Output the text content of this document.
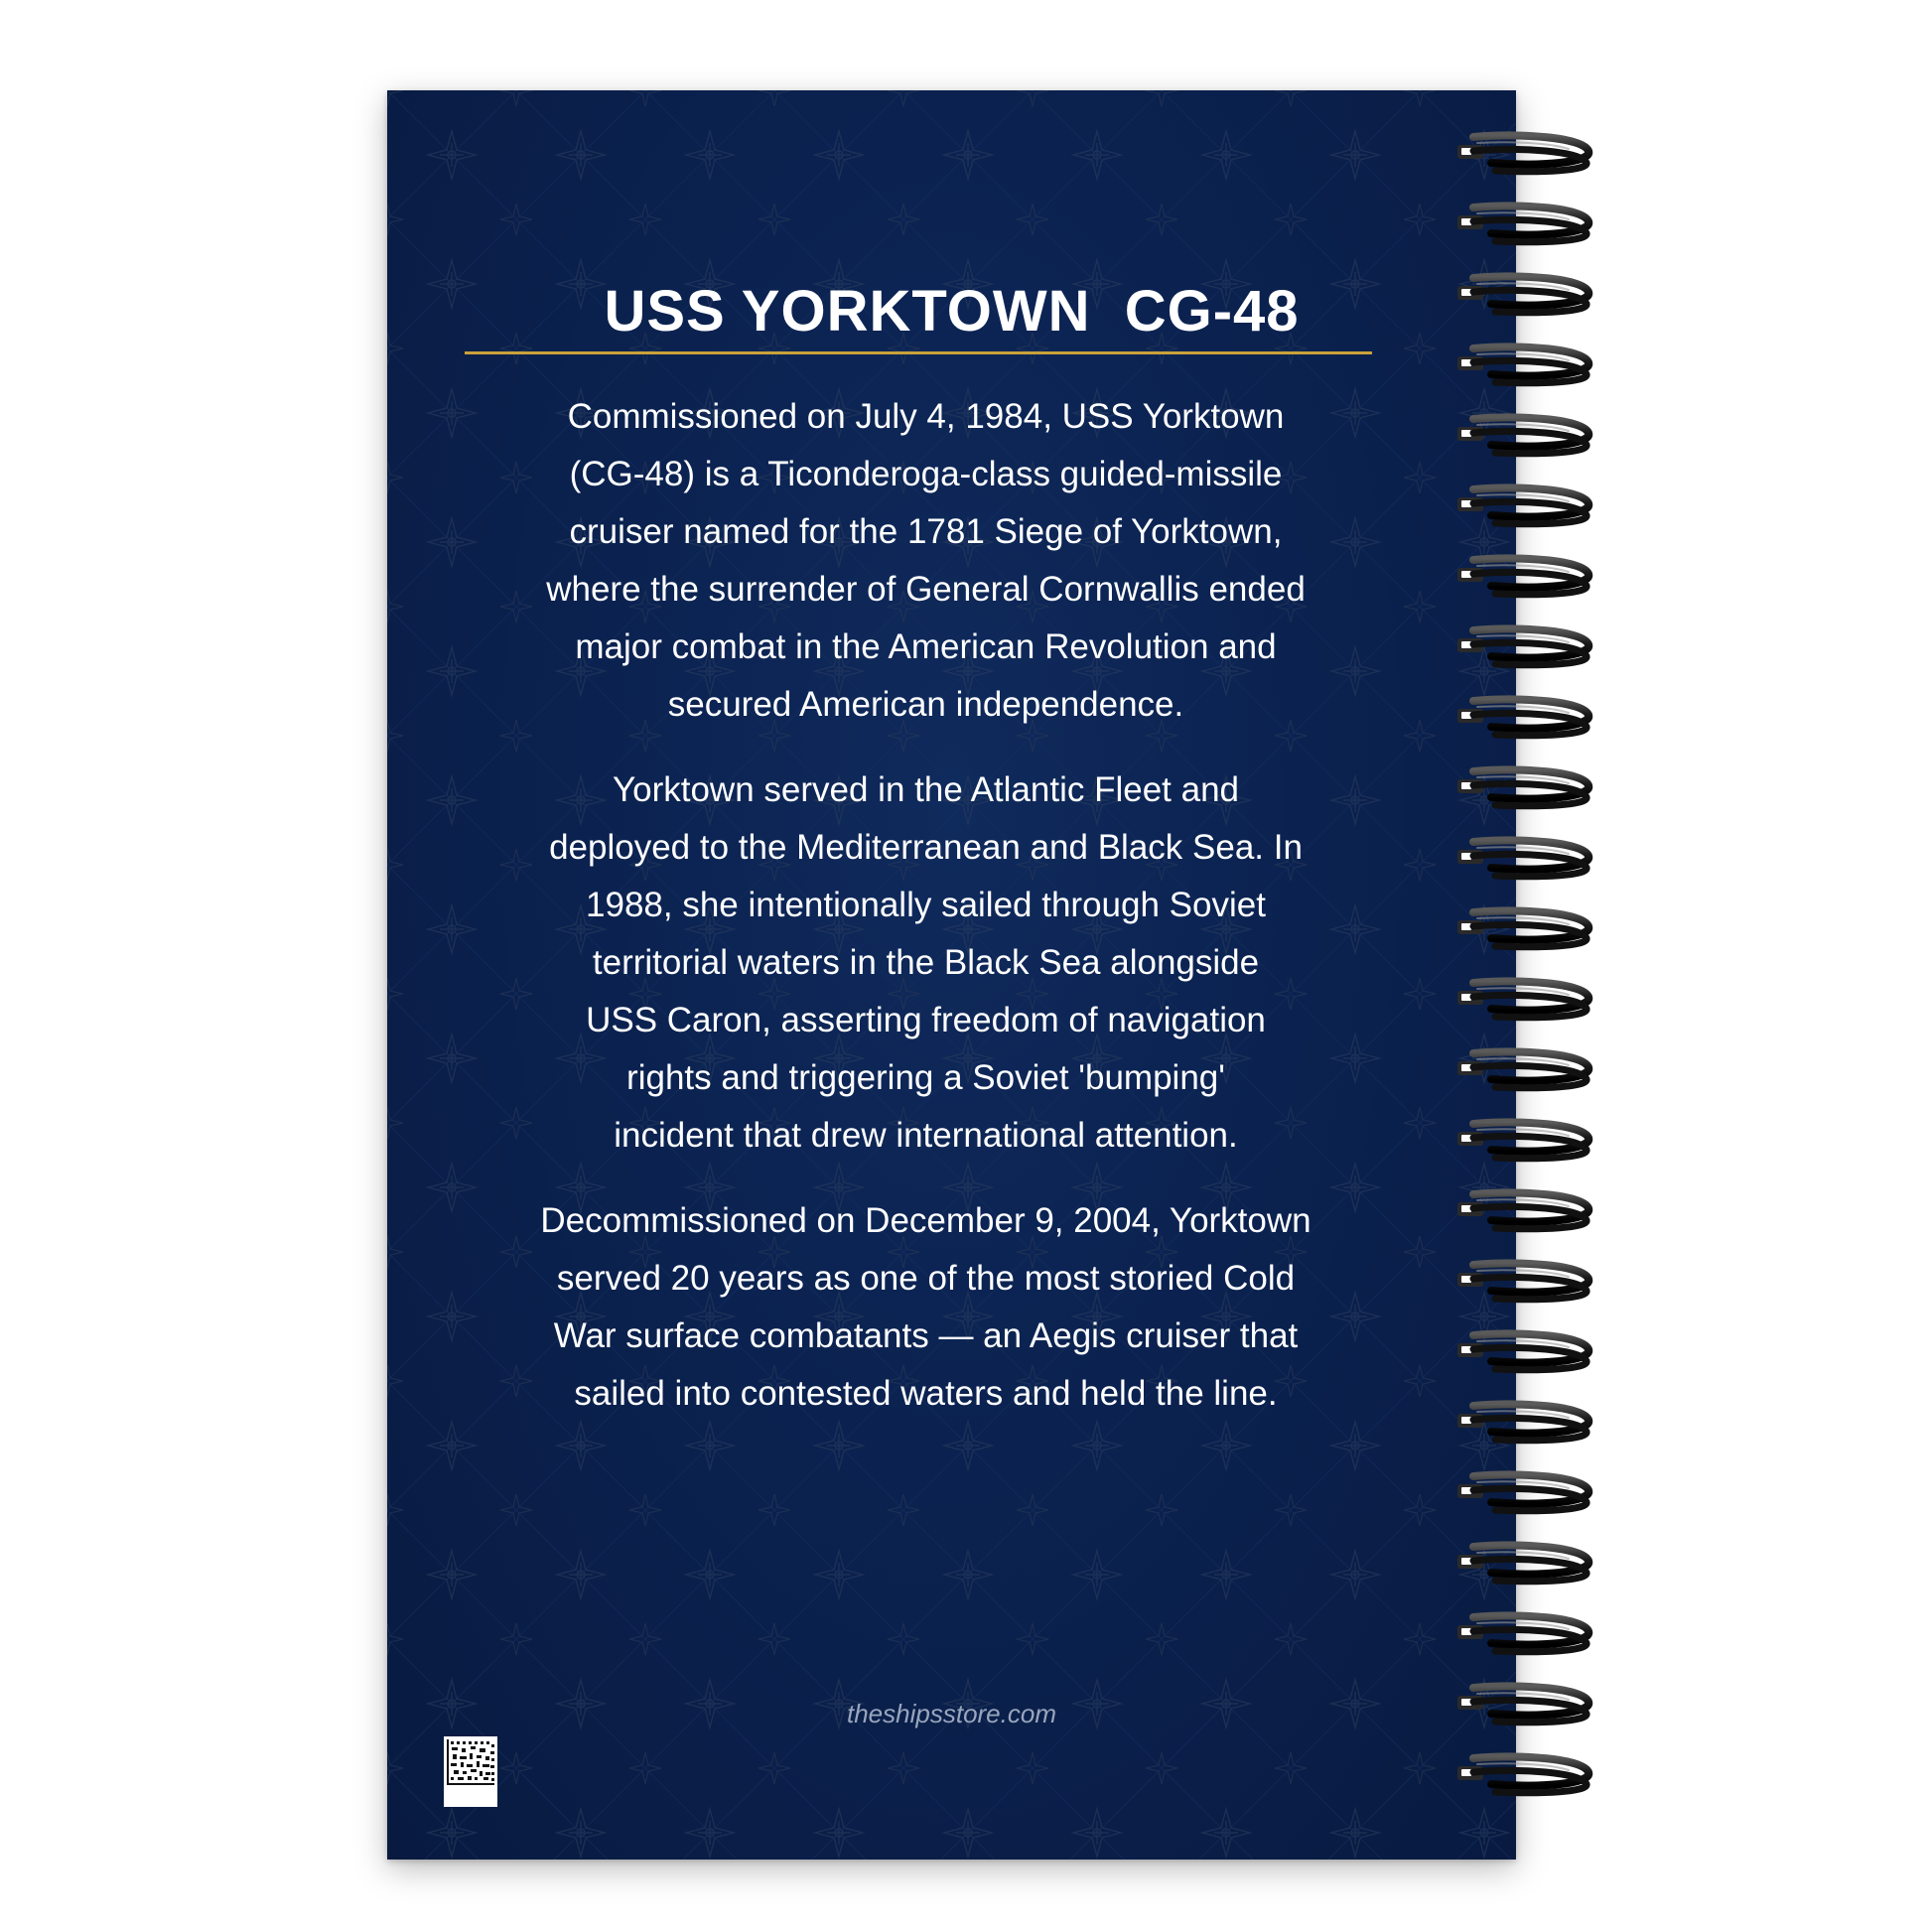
USS YORKTOWN  CG-48
Commissioned on July 4, 1984, USS Yorktown
(CG-48) is a Ticonderoga-class guided-missile
cruiser named for the 1781 Siege of Yorktown,
where the surrender of General Cornwallis ended
major combat in the American Revolution and
secured American independence.
Yorktown served in the Atlantic Fleet and
deployed to the Mediterranean and Black Sea. In
1988, she intentionally sailed through Soviet
territorial waters in the Black Sea alongside
USS Caron, asserting freedom of navigation
rights and triggering a Soviet 'bumping'
incident that drew international attention.
Decommissioned on December 9, 2004, Yorktown
served 20 years as one of the most storied Cold
War surface combatants — an Aegis cruiser that
sailed into contested waters and held the line.
theshipsstore.com
